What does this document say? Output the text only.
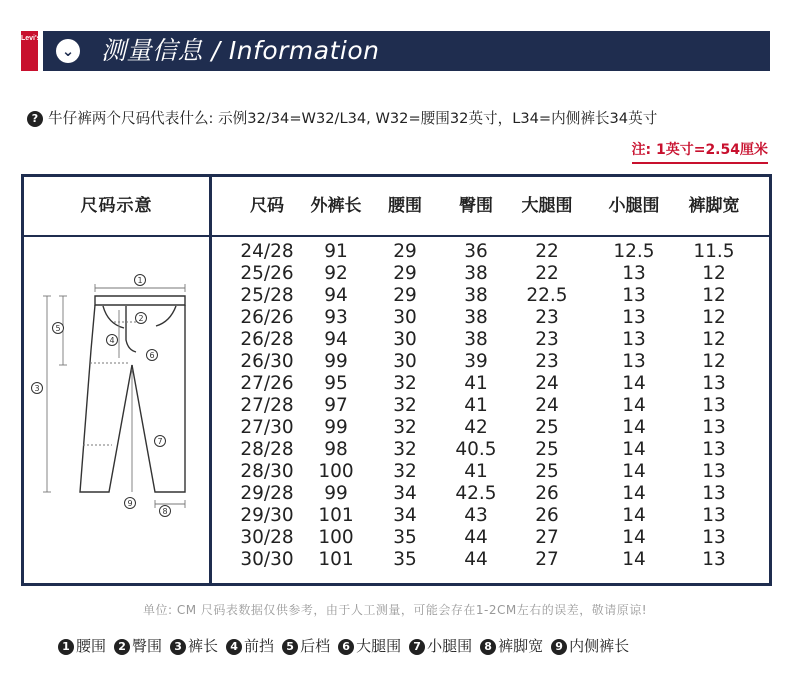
Levi's
⌄ 测量信息 / Information
? 牛仔裤两个尺码代表什么: 示例32/34=W32/L34, W32=腰围32英寸，L34=内侧裤长34英寸
注: 1英寸=2.54厘米
尺码示意
24/28	91	29	36	22	12.5	11.5
25/26	92	29	38	22	13	12
25/28	94	29	38	22.5	13	12
26/26	93	30	38	23	13	12
26/28	94	30	38	23	13	12
26/30	99	30	39	23	13	12
27/26	95	32	41	24	14	13
27/28	97	32	41	24	14	13
27/30	99	32	42	25	14	13
28/28	98	32	40.5	25	14	13
28/30	100	32	41	25	14	13
29/28	99	34	42.5	26	14	13
29/30	101	34	43	26	14	13
30/28	100	35	44	27	14	13
30/30	101	35	44	27	14	13
尺码	外裤长	腰围	臀围	大腿围	小腿围	裤脚宽
1
2
3
4
5
6
7
8
9
单位: CM 尺码表数据仅供参考，由于人工测量，可能会存在1-2CM左右的误差，敬请原谅!
1 腰围 2 臀围 3 裤长 4 前挡 5 后档 6 大腿围 7 小腿围 8 裤脚宽 9 内侧裤长
